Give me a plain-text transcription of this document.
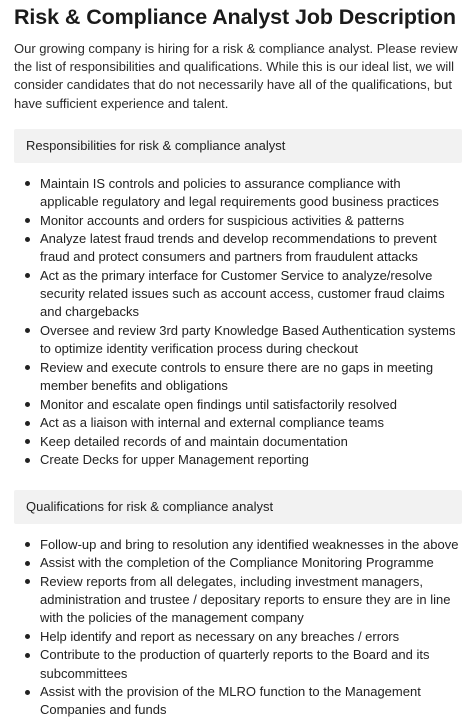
Risk & Compliance Analyst Job Description

Our growing company is hiring for a risk & compliance analyst. Please review the list of responsibilities and qualifications. While this is our ideal list, we will consider candidates that do not necessarily have all of the qualifications, but have sufficient experience and talent.

Responsibilities for risk & compliance analyst
Maintain IS controls and policies to assurance compliance with applicable regulatory and legal requirements good business practices
Monitor accounts and orders for suspicious activities & patterns
Analyze latest fraud trends and develop recommendations to prevent fraud and protect consumers and partners from fraudulent attacks
Act as the primary interface for Customer Service to analyze/resolve security related issues such as account access, customer fraud claims and chargebacks
Oversee and review 3rd party Knowledge Based Authentication systems to optimize identity verification process during checkout
Review and execute controls to ensure there are no gaps in meeting member benefits and obligations
Monitor and escalate open findings until satisfactorily resolved
Act as a liaison with internal and external compliance teams
Keep detailed records of and maintain documentation
Create Decks for upper Management reporting
Qualifications for risk & compliance analyst
Follow-up and bring to resolution any identified weaknesses in the above
Assist with the completion of the Compliance Monitoring Programme
Review reports from all delegates, including investment managers, administration and trustee / depositary reports to ensure they are in line with the policies of the management company
Help identify and report as necessary on any breaches / errors
Contribute to the production of quarterly reports to the Board and its subcommittees
Assist with the provision of the MLRO function to the Management Companies and funds
